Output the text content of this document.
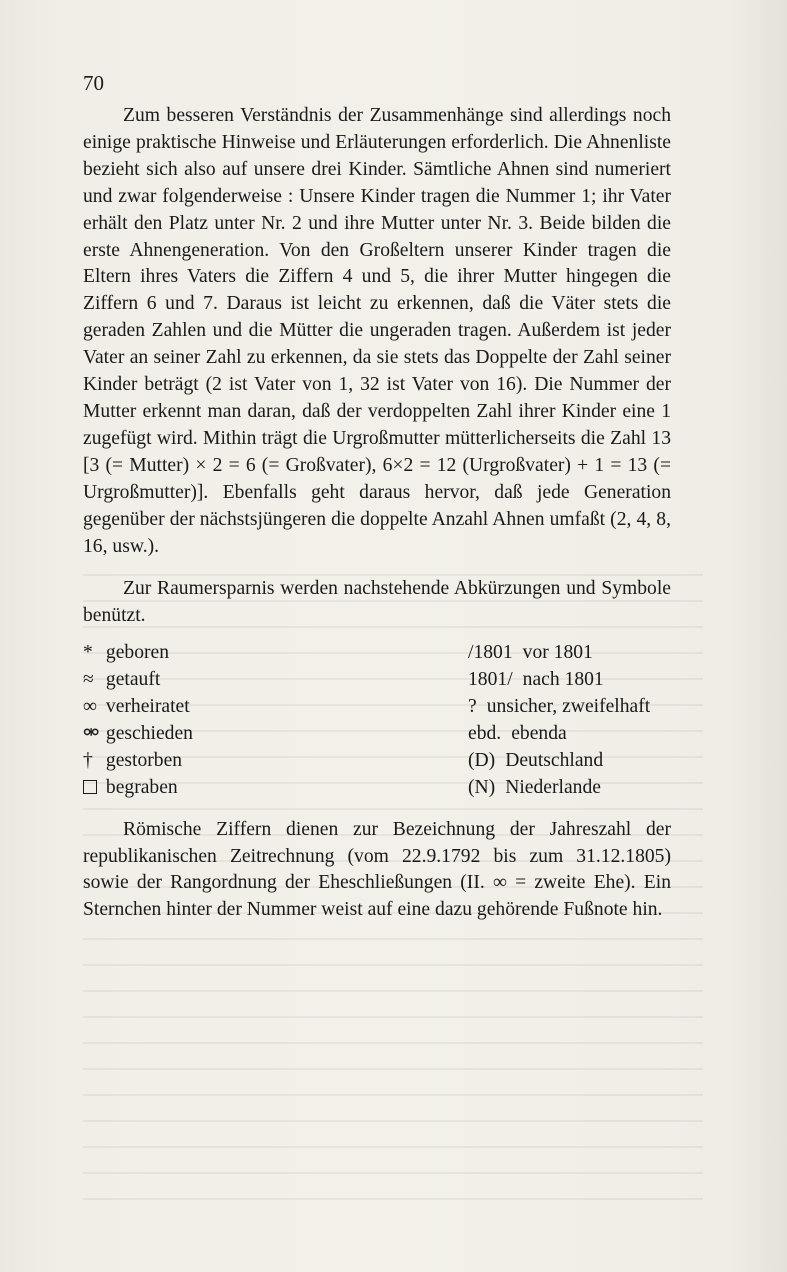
70

Zum besseren Verständnis der Zusammenhänge sind allerdings noch einige praktische Hinweise und Erläuterungen erforderlich. Die Ahnenliste bezieht sich also auf unsere drei Kinder. Sämtliche Ahnen sind numeriert und zwar folgenderweise : Unsere Kinder tragen die Nummer 1; ihr Vater erhält den Platz unter Nr. 2 und ihre Mutter unter Nr. 3. Beide bilden die erste Ahnengeneration. Von den Großeltern unserer Kinder tragen die Eltern ihres Vaters die Ziffern 4 und 5, die ihrer Mutter hingegen die Ziffern 6 und 7. Daraus ist leicht zu erkennen, daß die Väter stets die geraden Zahlen und die Mütter die ungeraden tragen. Außerdem ist jeder Vater an seiner Zahl zu erkennen, da sie stets das Doppelte der Zahl seiner Kinder beträgt (2 ist Vater von 1, 32 ist Vater von 16). Die Nummer der Mutter erkennt man daran, daß der verdoppelten Zahl ihrer Kinder eine 1 zugefügt wird. Mithin trägt die Urgroßmutter mütterlicherseits die Zahl 13 [3 (= Mutter) × 2 = 6 (= Großvater), 6×2 = 12 (Urgroßvater) + 1 = 13 (= Urgroßmutter)]. Ebenfalls geht daraus hervor, daß jede Generation gegenüber der nächstsjüngeren die doppelte Anzahl Ahnen umfaßt (2, 4, 8, 16, usw.).

Zur Raumersparnis werden nachstehende Abkürzungen und Symbole benützt.

* geboren	/1801 vor 1801
≈ getauft	1801/ nach 1801
∞ verheiratet	? unsicher, zweifelhaft
⚮ geschieden	ebd. ebenda
† gestorben	(D) Deutschland
begraben	(N) Niederlande

Römische Ziffern dienen zur Bezeichnung der Jahreszahl der republikanischen Zeitrechnung (vom 22.9.1792 bis zum 31.12.1805) sowie der Rangordnung der Eheschließungen (II. ∞ = zweite Ehe). Ein Sternchen hinter der Nummer weist auf eine dazu gehörende Fußnote hin.
